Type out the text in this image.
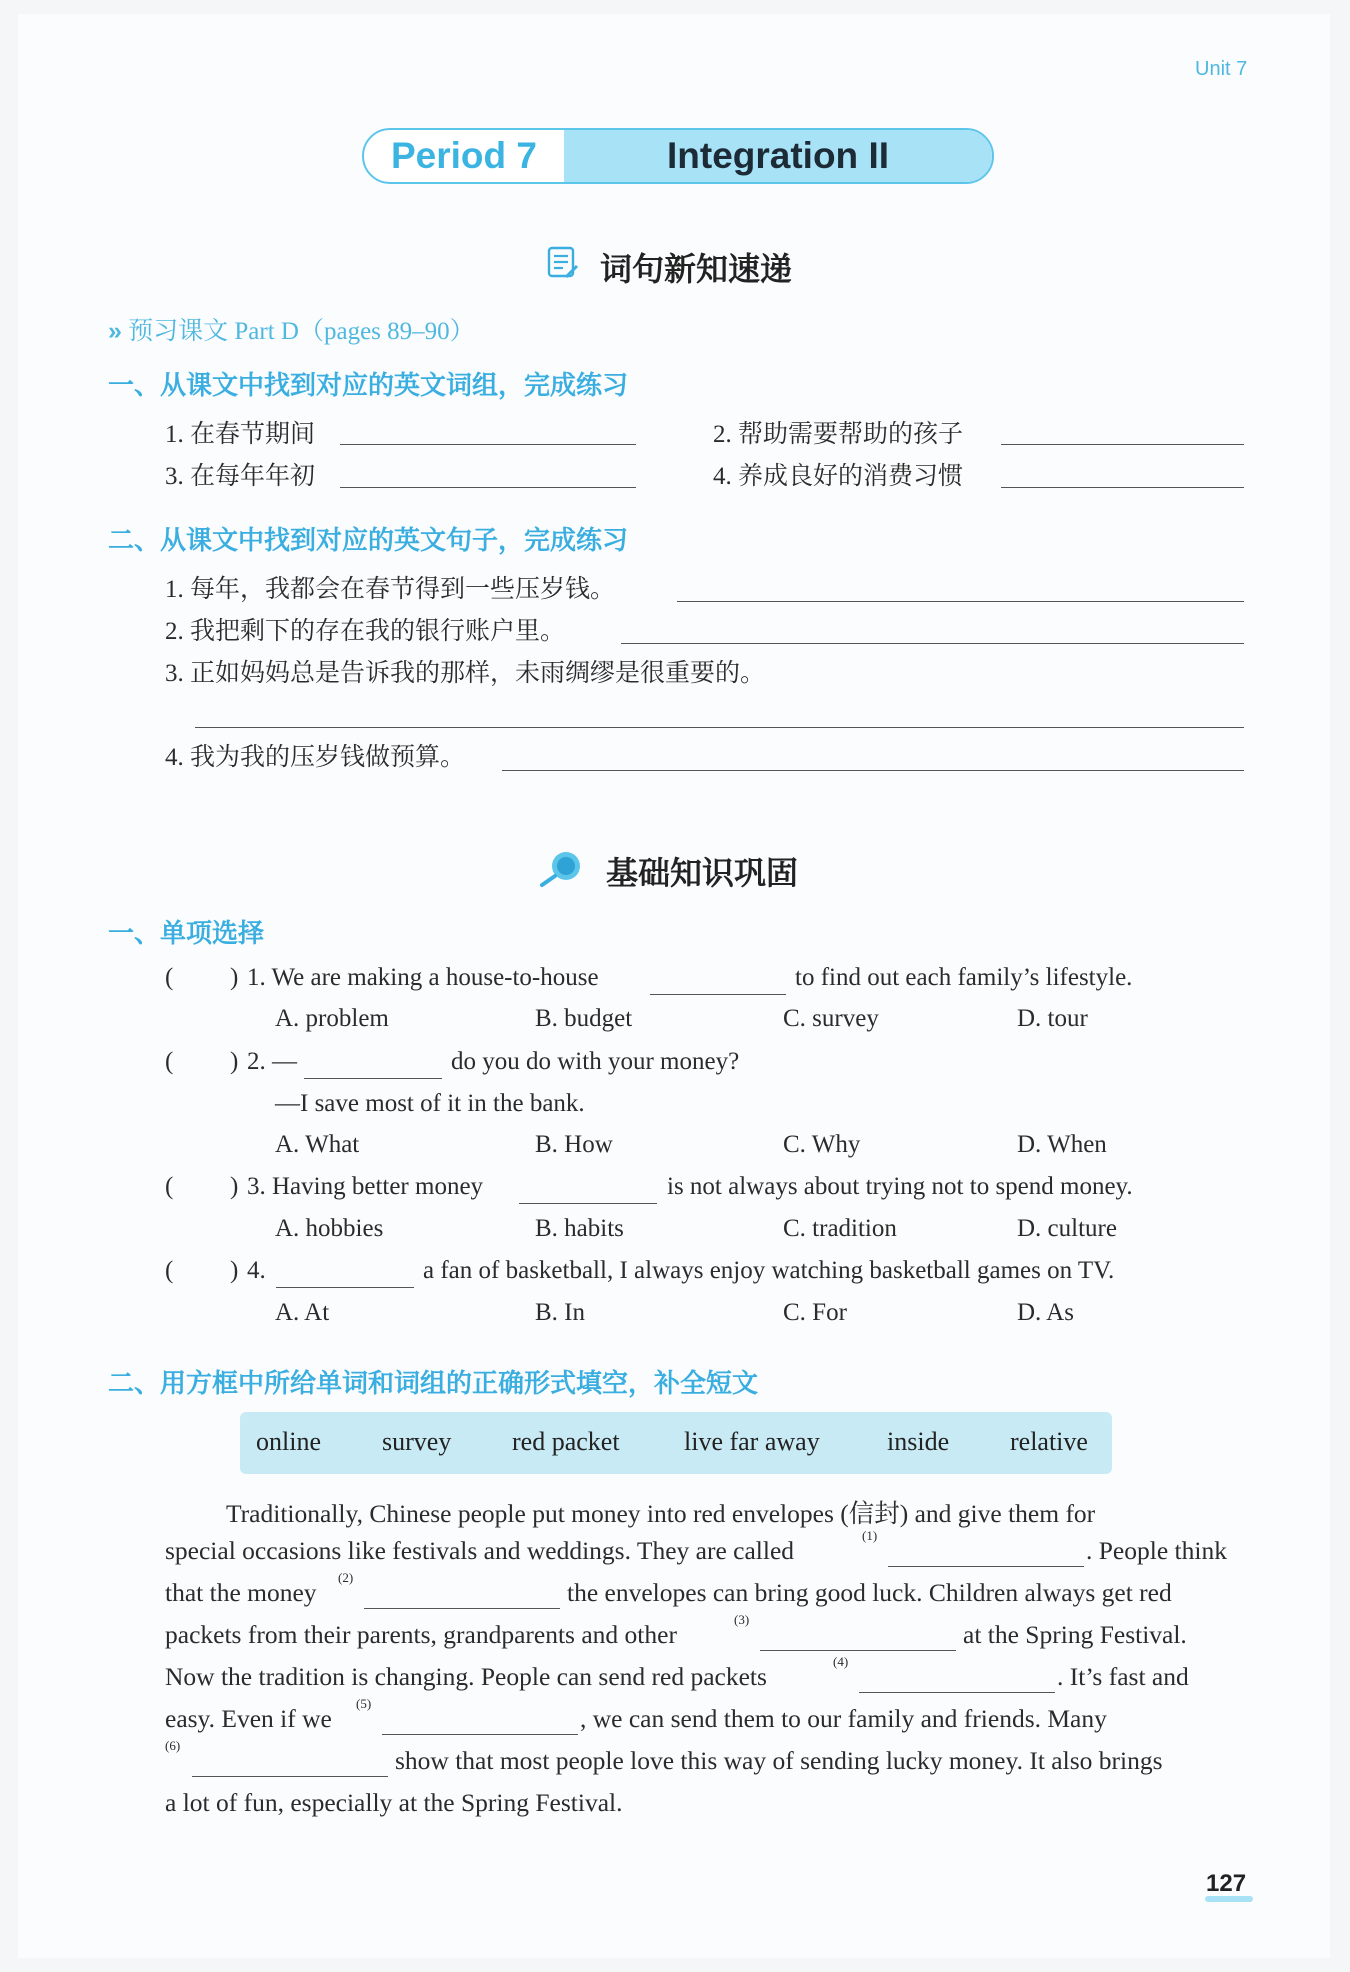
Unit 7
Period 7	Integration II
词句新知速递
» 预习课文 Part D（pages 89–90）
一、从课文中找到对应的英文词组，完成练习
1. 在春节期间	2. 帮助需要帮助的孩子
3. 在每年年初	4. 养成良好的消费习惯
二、从课文中找到对应的英文句子，完成练习
1. 每年，我都会在春节得到一些压岁钱。
2. 我把剩下的存在我的银行账户里。
3. 正如妈妈总是告诉我的那样，未雨绸缪是很重要的。
4. 我为我的压岁钱做预算。
基础知识巩固
一、单项选择
( ) 1. We are making a house-to-house	to find out each family’s lifestyle.
A. problem	B. budget	C. survey	D. tour
( ) 2. —	do you do with your money?
—I save most of it in the bank.
A. What	B. How	C. Why	D. When
( ) 3. Having better money	is not always about trying not to spend money.
A. hobbies	B. habits	C. tradition	D. culture
( ) 4.	a fan of basketball, I always enjoy watching basketball games on TV.
A. At	B. In	C. For	D. As
二、用方框中所给单词和词组的正确形式填空，补全短文
online survey red packet live far away	inside relative
Traditionally, Chinese people put money into red envelopes (信封) and give them for
special occasions like festivals and weddings. They are called	. People think
that the money	the envelopes can bring good luck. Children always get red
packets from their parents, grandparents and other	at the Spring Festival.
Now the tradition is changing. People can send red packets	. It’s fast and
easy. Even if we	, we can send them to our family and friends. Many
show that most people love this way of sending lucky money. It also brings
a lot of fun, especially at the Spring Festival.
127
